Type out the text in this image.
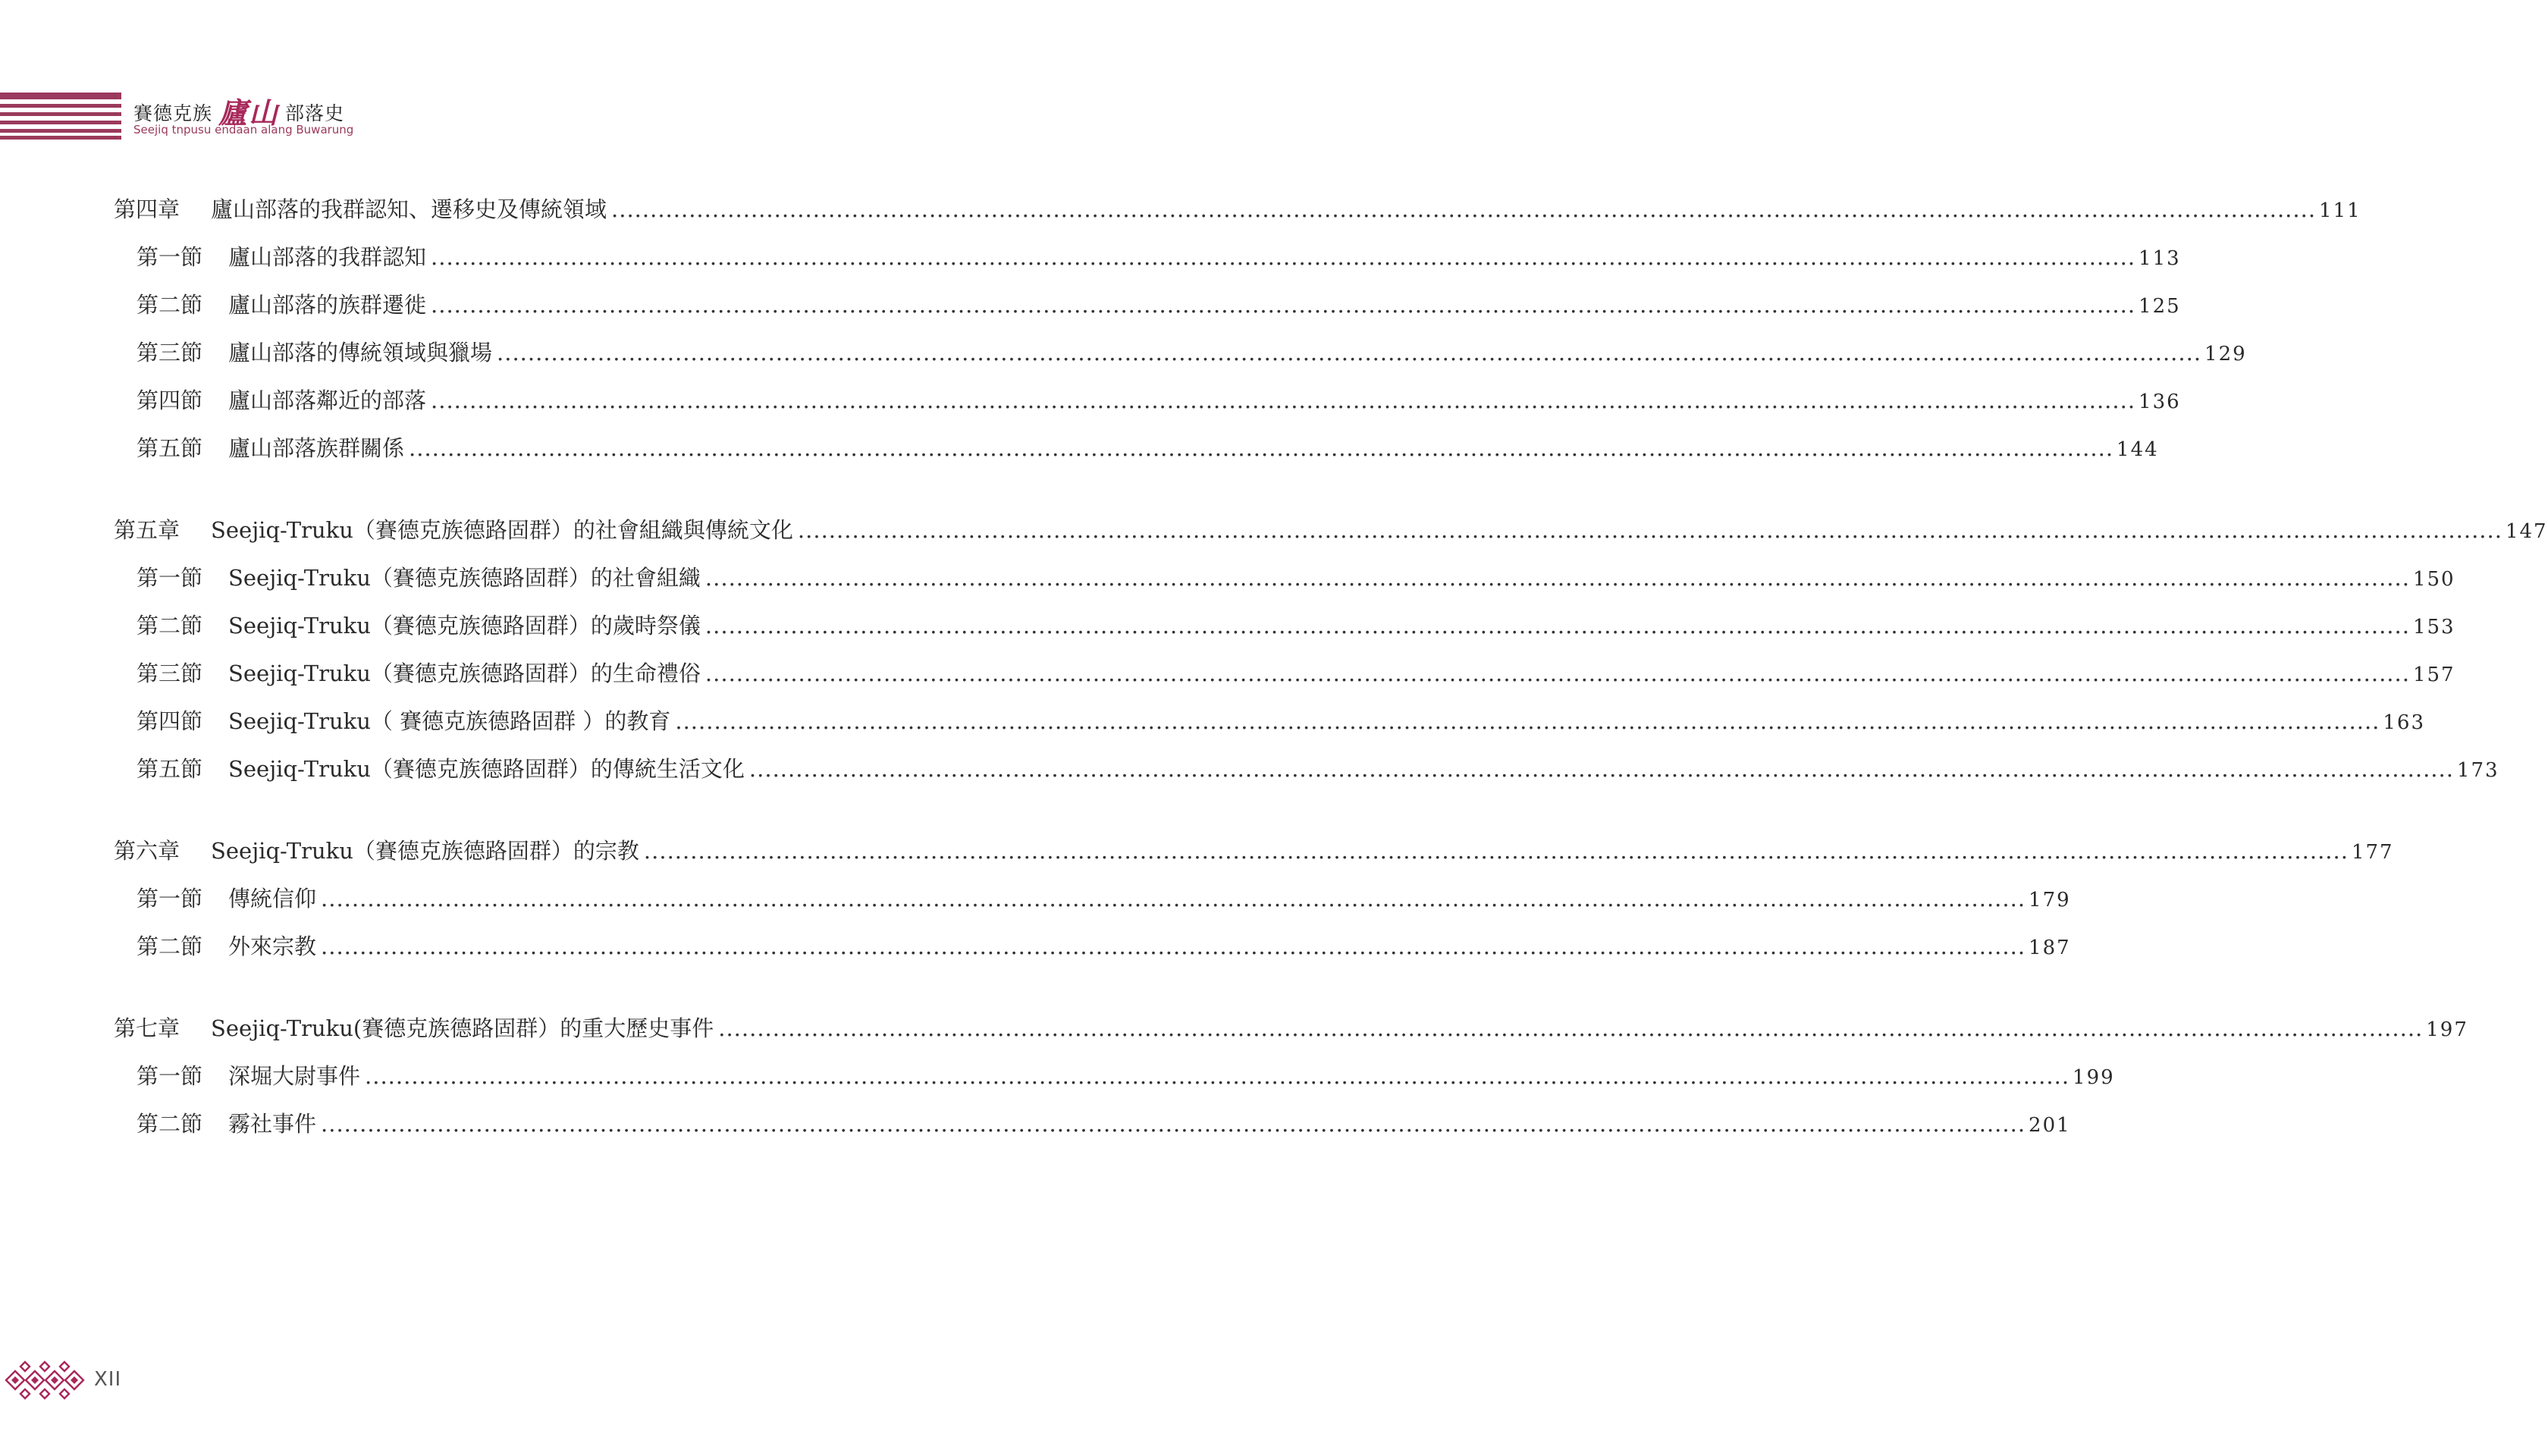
賽德克族 廬山 部落史
Seejiq tnpusu endaan alang Buwarung
第四章	廬山部落的我群認知、遷移史及傳統領域 ............................................................................................................................................................................................................................ 111
第一節	廬山部落的我群認知 ............................................................................................................................................................................................................................ 113
第二節	廬山部落的族群遷徙 ............................................................................................................................................................................................................................ 125
第三節	廬山部落的傳統領域與獵場 ............................................................................................................................................................................................................................ 129
第四節	廬山部落鄰近的部落 ............................................................................................................................................................................................................................ 136
第五節	廬山部落族群關係 ............................................................................................................................................................................................................................ 144
第五章	Seejiq-Truku（賽德克族德路固群）的社會組織與傳統文化 ............................................................................................................................................................................................................................ 147
第一節	Seejiq-Truku（賽德克族德路固群）的社會組織 ............................................................................................................................................................................................................................ 150
第二節	Seejiq-Truku（賽德克族德路固群）的歲時祭儀 ............................................................................................................................................................................................................................ 153
第三節	Seejiq-Truku（賽德克族德路固群）的生命禮俗 ............................................................................................................................................................................................................................ 157
第四節	Seejiq-Truku（ 賽德克族德路固群 ）的教育 ............................................................................................................................................................................................................................ 163
第五節	Seejiq-Truku（賽德克族德路固群）的傳統生活文化 ............................................................................................................................................................................................................................ 173
第六章	Seejiq-Truku（賽德克族德路固群）的宗教 ............................................................................................................................................................................................................................ 177
第一節	傳統信仰 ............................................................................................................................................................................................................................ 179
第二節	外來宗教 ............................................................................................................................................................................................................................ 187
第七章	Seejiq-Truku(賽德克族德路固群）的重大歷史事件 ............................................................................................................................................................................................................................ 197
第一節	深堀大尉事件 ............................................................................................................................................................................................................................ 199
第二節	霧社事件 ............................................................................................................................................................................................................................ 201
XII
